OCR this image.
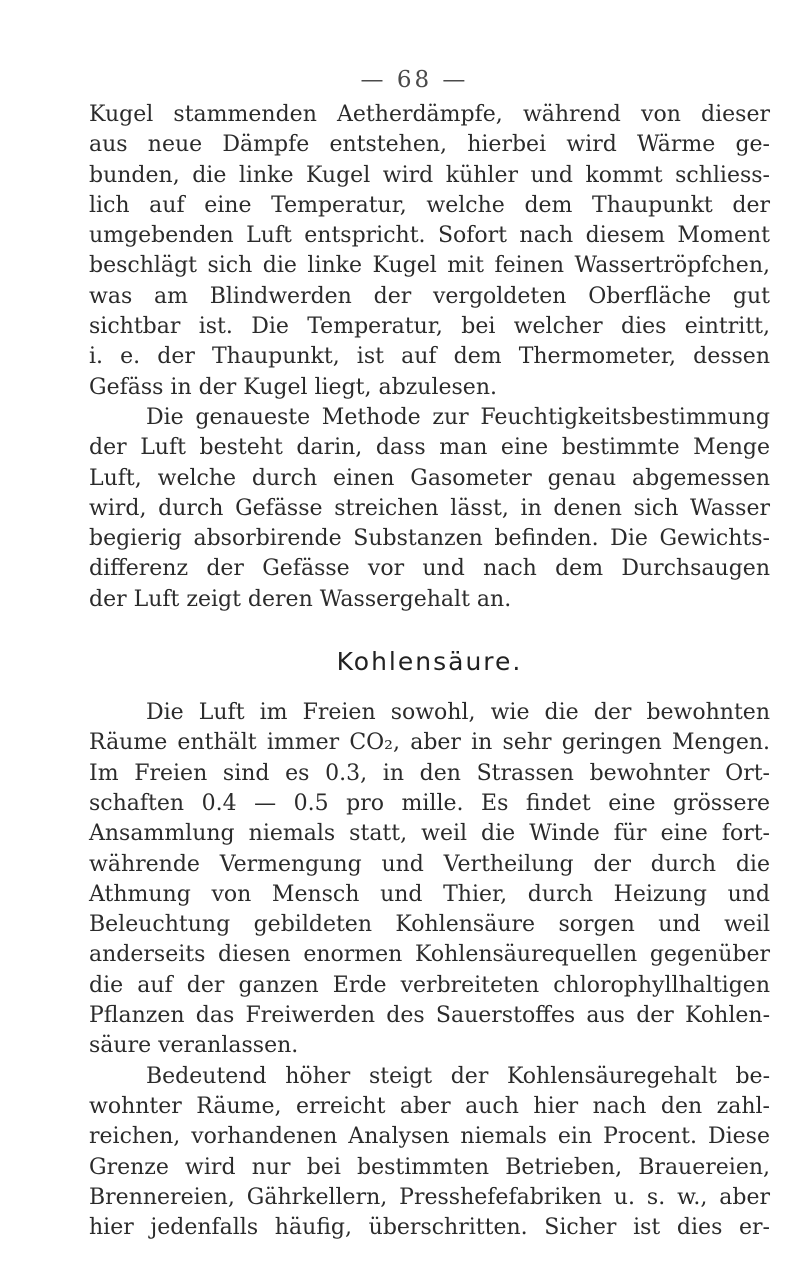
— 68 —

Kugel stammenden Aetherdämpfe, während von dieser
aus neue Dämpfe entstehen, hierbei wird Wärme ge-
bunden, die linke Kugel wird kühler und kommt schliess-
lich auf eine Temperatur, welche dem Thaupunkt der
umgebenden Luft entspricht. Sofort nach diesem Moment
beschlägt sich die linke Kugel mit feinen Wassertröpfchen,
was am Blindwerden der vergoldeten Oberfläche gut
sichtbar ist. Die Temperatur, bei welcher dies eintritt,
i. e. der Thaupunkt, ist auf dem Thermometer, dessen
Gefäss in der Kugel liegt, abzulesen.

Die genaueste Methode zur Feuchtigkeitsbestimmung
der Luft besteht darin, dass man eine bestimmte Menge
Luft, welche durch einen Gasometer genau abgemessen
wird, durch Gefässe streichen lässt, in denen sich Wasser
begierig absorbirende Substanzen befinden. Die Gewichts-
differenz der Gefässe vor und nach dem Durchsaugen
der Luft zeigt deren Wassergehalt an.

Kohlensäure.

Die Luft im Freien sowohl, wie die der bewohnten
Räume enthält immer CO₂, aber in sehr geringen Mengen.
Im Freien sind es 0.3, in den Strassen bewohnter Ort-
schaften 0.4 — 0.5 pro mille. Es findet eine grössere
Ansammlung niemals statt, weil die Winde für eine fort-
währende Vermengung und Vertheilung der durch die
Athmung von Mensch und Thier, durch Heizung und
Beleuchtung gebildeten Kohlensäure sorgen und weil
anderseits diesen enormen Kohlensäurequellen gegenüber
die auf der ganzen Erde verbreiteten chlorophyllhaltigen
Pflanzen das Freiwerden des Sauerstoffes aus der Kohlen-
säure veranlassen.

Bedeutend höher steigt der Kohlensäuregehalt be-
wohnter Räume, erreicht aber auch hier nach den zahl-
reichen, vorhandenen Analysen niemals ein Procent. Diese
Grenze wird nur bei bestimmten Betrieben, Brauereien,
Brennereien, Gährkellern, Presshefefabriken u. s. w., aber
hier jedenfalls häufig, überschritten. Sicher ist dies er-
